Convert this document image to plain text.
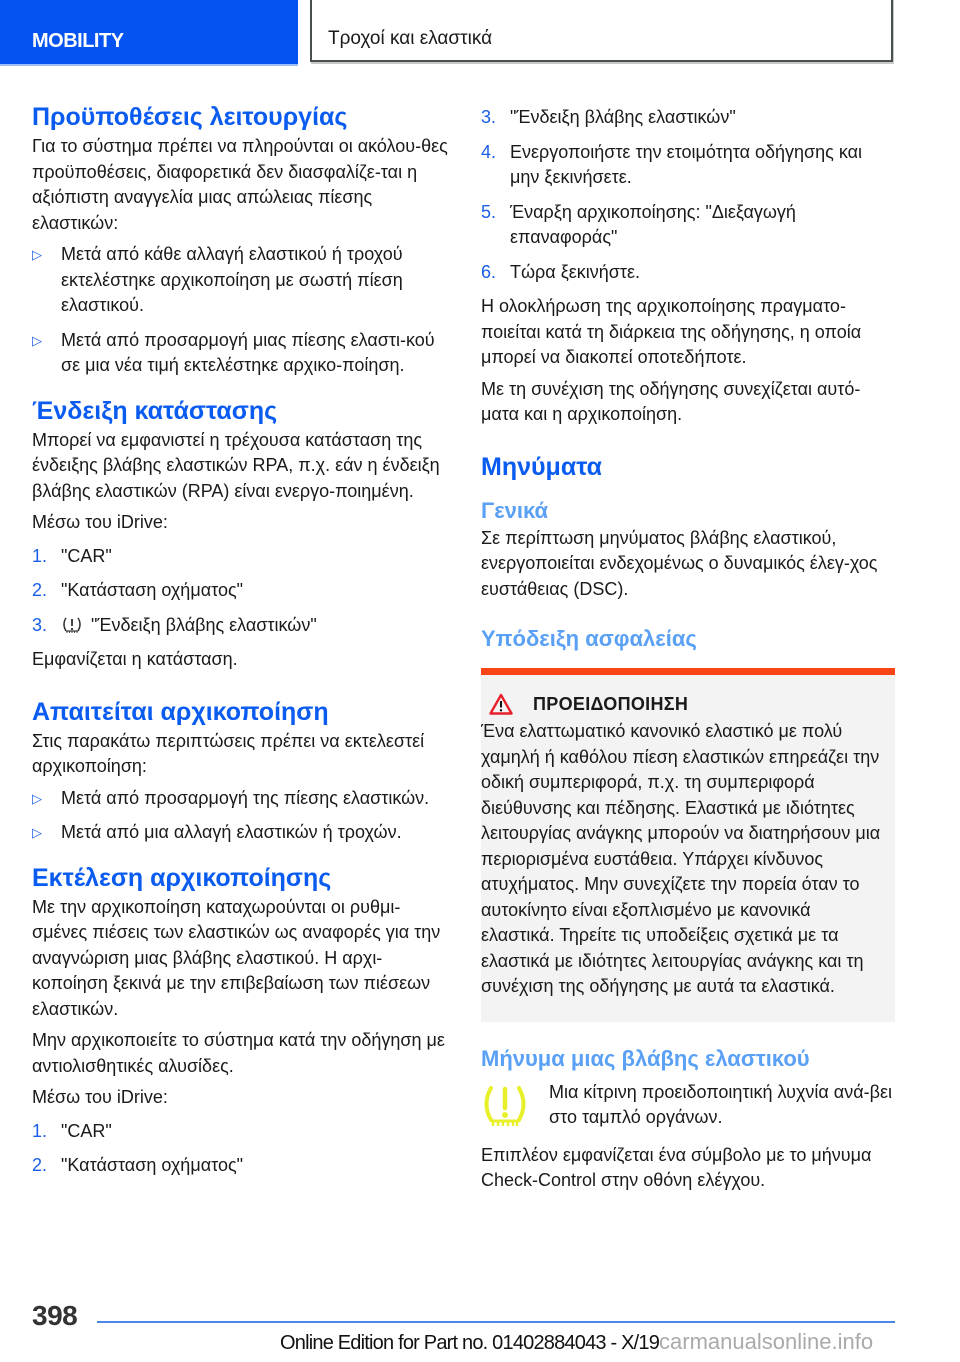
MOBILITY	Τροχοί και ελαστικά
Προϋποθέσεις λειτουργίας

Για το σύστημα πρέπει να πληρούνται οι ακόλου-θες προϋποθέσεις, διαφορετικά δεν διασφαλίζε-ται η αξιόπιστη αναγγελία μιας απώλειας πίεσης ελαστικών:

▷ Μετά από κάθε αλλαγή ελαστικού ή τροχού εκτελέστηκε αρχικοποίηση με σωστή πίεση ελαστικού.
▷ Μετά από προσαρμογή μιας πίεσης ελαστι-κού σε μια νέα τιμή εκτελέστηκε αρχικο-ποίηση.
Ένδειξη κατάστασης

Μπορεί να εμφανιστεί η τρέχουσα κατάσταση της ένδειξης βλάβης ελαστικών RPA, π.χ. εάν η ένδειξη βλάβης ελαστικών (RPA) είναι ενεργο-ποιημένη.

Μέσω του iDrive:

1. "CAR"
2. "Κατάσταση οχήματος"
3. "Ένδειξη βλάβης ελαστικών"

Εμφανίζεται η κατάσταση.

Απαιτείται αρχικοποίηση

Στις παρακάτω περιπτώσεις πρέπει να εκτελεστεί αρχικοποίηση:

▷ Μετά από προσαρμογή της πίεσης ελαστικών.
▷ Μετά από μια αλλαγή ελαστικών ή τροχών.
Εκτέλεση αρχικοποίησης

Με την αρχικοποίηση καταχωρούνται οι ρυθμι-σμένες πιέσεις των ελαστικών ως αναφορές για την αναγνώριση μιας βλάβης ελαστικού. Η αρχι-κοποίηση ξεκινά με την επιβεβαίωση των πιέσεων ελαστικών.

Μην αρχικοποιείτε το σύστημα κατά την οδήγηση με αντιολισθητικές αλυσίδες.

Μέσω του iDrive:

1. "CAR"
2. "Κατάσταση οχήματος"
3. "Ένδειξη βλάβης ελαστικών"
4. Ενεργοποιήστε την ετοιμότητα οδήγησης και μην ξεκινήσετε.
5. Έναρξη αρχικοποίησης: "Διεξαγωγή επαναφοράς"
6. Τώρα ξεκινήστε.

Η ολοκλήρωση της αρχικοποίησης πραγματο-ποιείται κατά τη διάρκεια της οδήγησης, η οποία μπορεί να διακοπεί οποτεδήποτε.

Με τη συνέχιση της οδήγησης συνεχίζεται αυτό-ματα και η αρχικοποίηση.

Μηνύματα
Γενικά

Σε περίπτωση μηνύματος βλάβης ελαστικού, ενεργοποιείται ενδεχομένως ο δυναμικός έλεγ-χος ευστάθειας (DSC).

Υπόδειξη ασφαλείας
ΠΡΟΕΙΔΟΠΟΙΗΣΗ

Ένα ελαττωματικό κανονικό ελαστικό με πολύ χαμηλή ή καθόλου πίεση ελαστικών επηρεάζει την οδική συμπεριφορά, π.χ. τη συμπεριφορά διεύθυνσης και πέδησης. Ελαστικά με ιδιότητες λειτουργίας ανάγκης μπορούν να διατηρήσουν μια περιορισμένα ευστάθεια. Υπάρχει κίνδυνος ατυχήματος. Μην συνεχίζετε την πορεία όταν το αυτοκίνητο είναι εξοπλισμένο με κανονικά ελαστικά. Τηρείτε τις υποδείξεις σχετικά με τα ελαστικά με ιδιότητες λειτουργίας ανάγκης και τη συνέχιση της οδήγησης με αυτά τα ελαστικά.

Μήνυμα μιας βλάβης ελαστικού

Μια κίτρινη προειδοποιητική λυχνία ανά-βει στο ταμπλό οργάνων.

Επιπλέον εμφανίζεται ένα σύμβολο με το μήνυμα Check-Control στην οθόνη ελέγχου.

398
Online Edition for Part no. 01402884043 - X/19carmanualsonline.info
